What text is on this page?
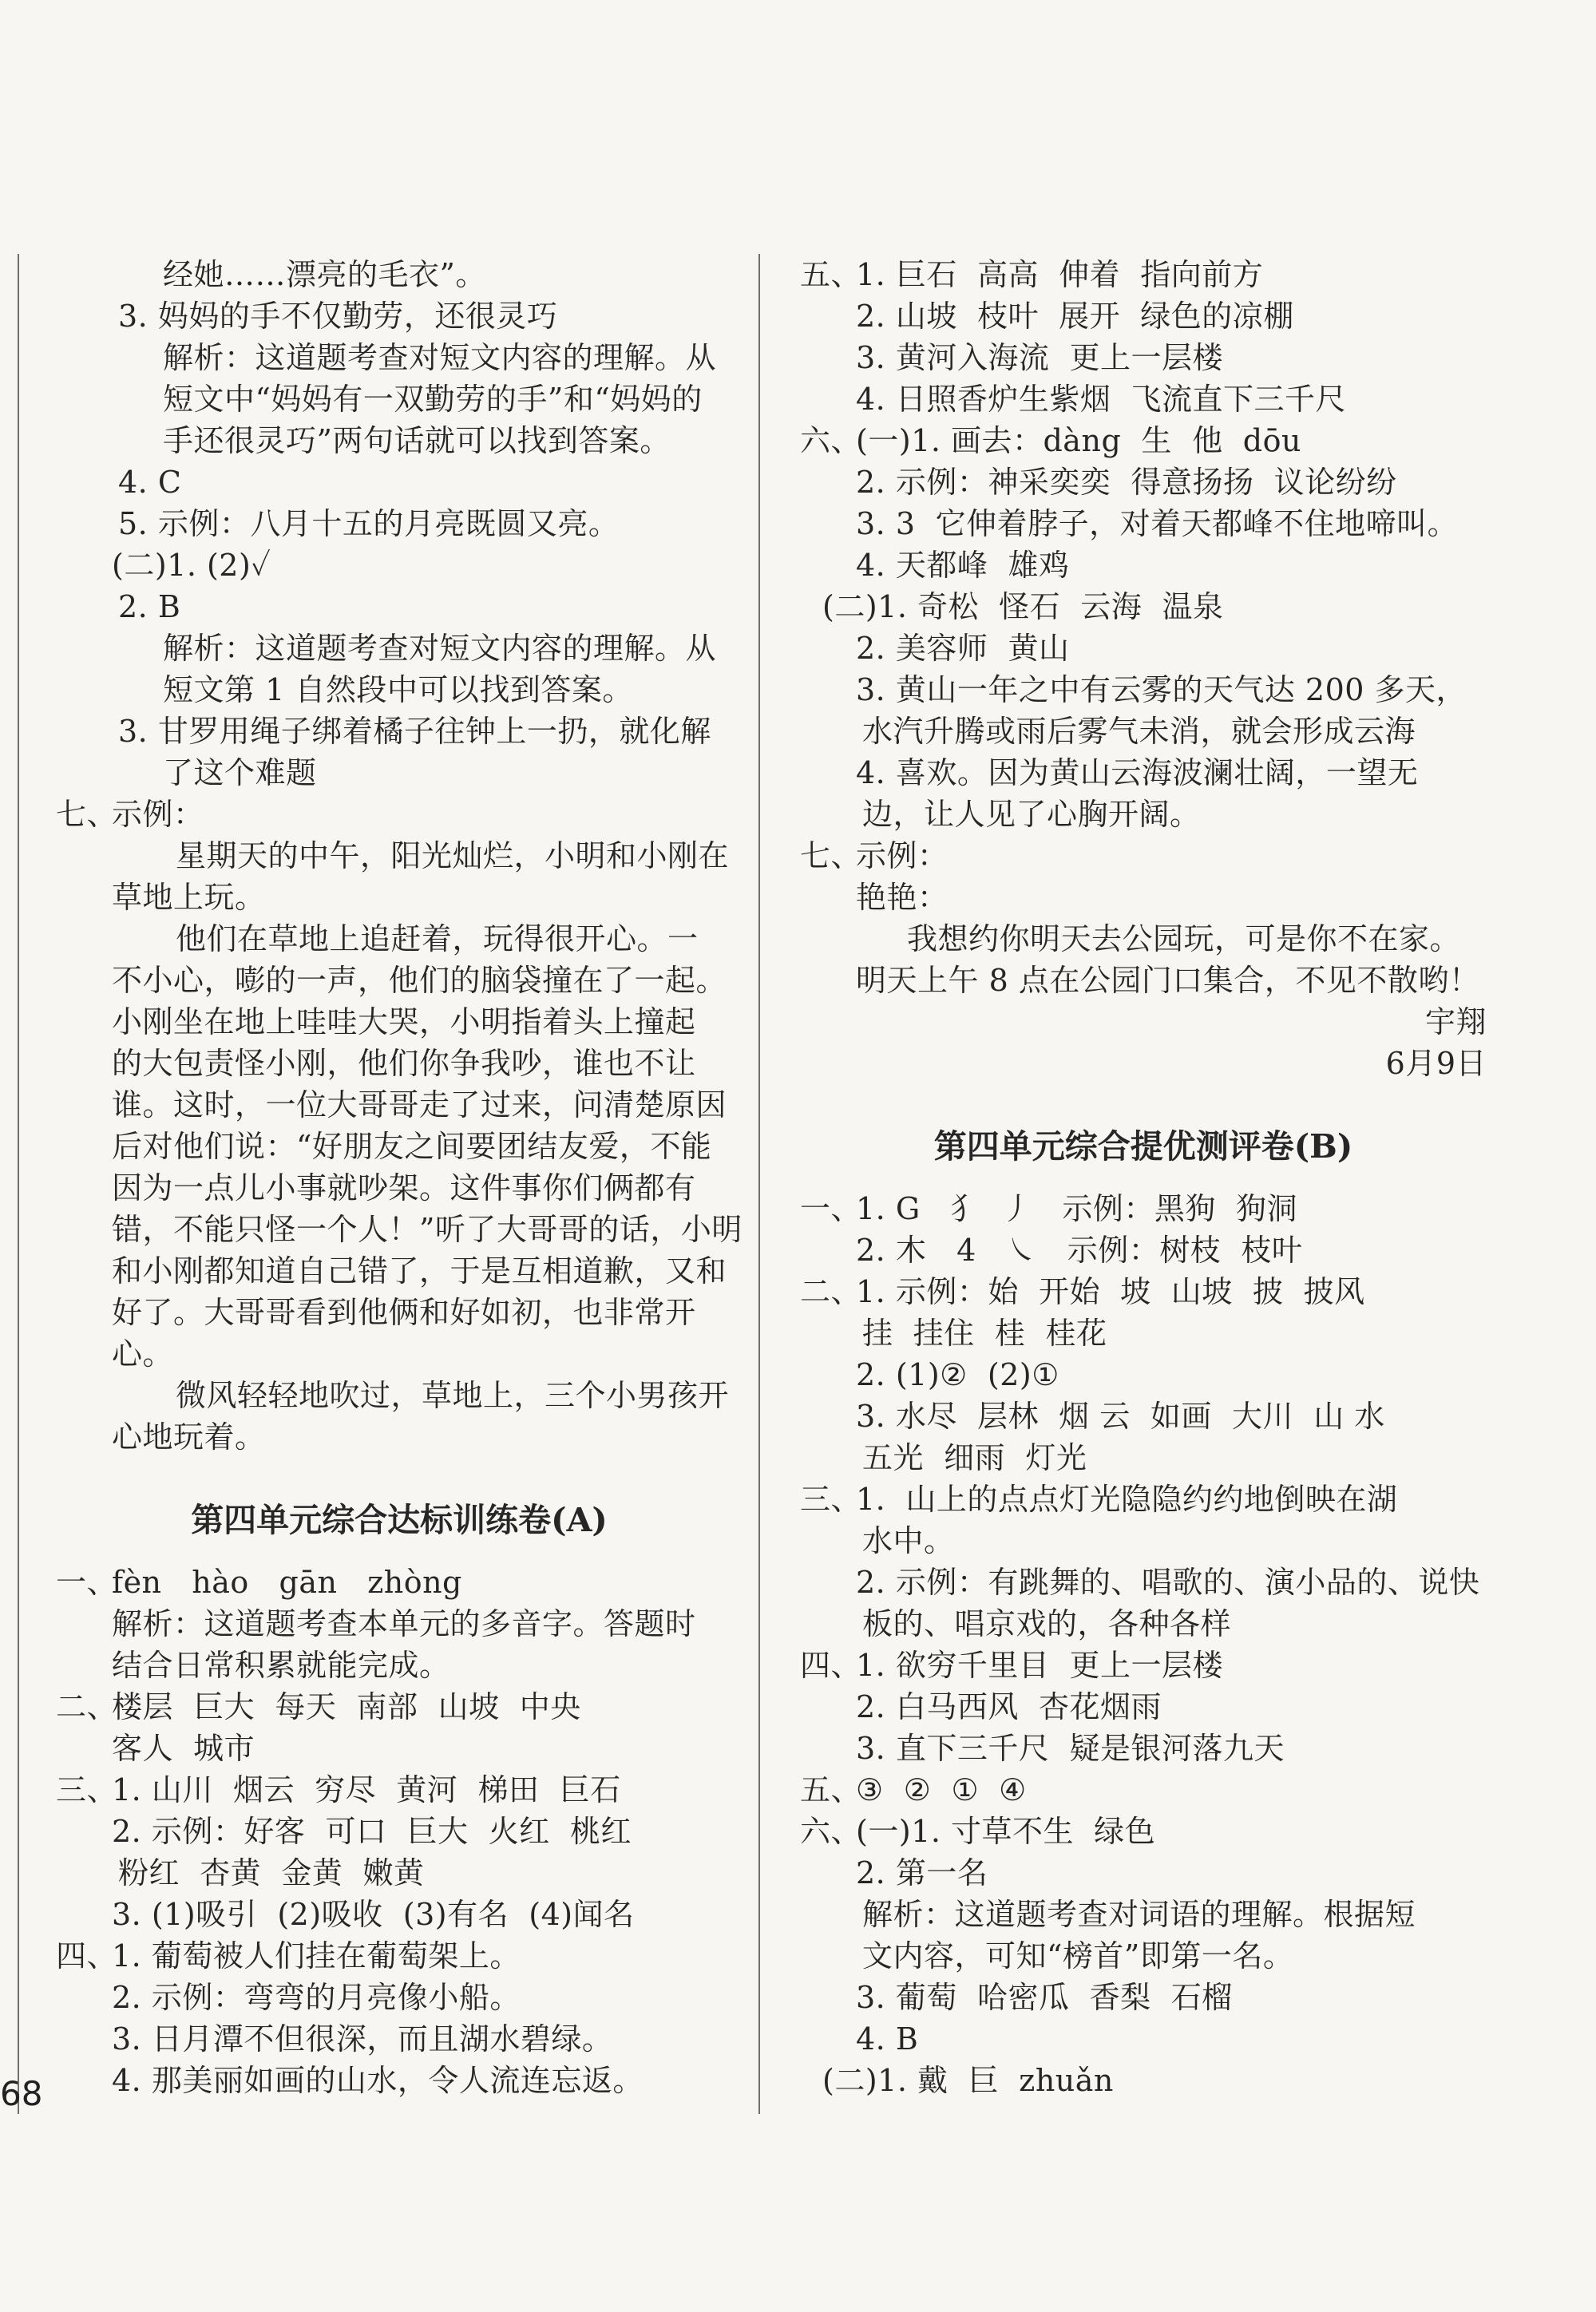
经她……漂亮的毛衣”。
3. 妈妈的手不仅勤劳，还很灵巧
解析：这道题考查对短文内容的理解。从
短文中“妈妈有一双勤劳的手”和“妈妈的
手还很灵巧”两句话就可以找到答案。
4. C
5. 示例：八月十五的月亮既圆又亮。
(二)1. (2)✓
2. B
解析：这道题考查对短文内容的理解。从
短文第 1 自然段中可以找到答案。
3. 甘罗用绳子绑着橘子往钟上一扔，就化解
了这个难题
七、
示例：
星期天的中午，阳光灿烂，小明和小刚在
草地上玩。
他们在草地上追赶着，玩得很开心。一
不小心，嘭的一声，他们的脑袋撞在了一起。
小刚坐在地上哇哇大哭，小明指着头上撞起
的大包责怪小刚，他们你争我吵，谁也不让
谁。这时，一位大哥哥走了过来，问清楚原因
后对他们说：“好朋友之间要团结友爱，不能
因为一点儿小事就吵架。这件事你们俩都有
错，不能只怪一个人！”听了大哥哥的话，小明
和小刚都知道自己错了，于是互相道歉，又和
好了。大哥哥看到他俩和好如初，也非常开
心。
微风轻轻地吹过，草地上，三个小男孩开
心地玩着。
第四单元综合达标训练卷(A)
一、
fèn   hào   gān   zhòng
解析：这道题考查本单元的多音字。答题时
结合日常积累就能完成。
二、
楼层  巨大  每天  南部  山坡  中央
客人  城市
三、
1. 山川  烟云  穷尽  黄河  梯田  巨石
2. 示例：好客  可口  巨大  火红  桃红
粉红  杏黄  金黄  嫩黄
3. (1)吸引  (2)吸收  (3)有名  (4)闻名
四、
1. 葡萄被人们挂在葡萄架上。
2. 示例：弯弯的月亮像小船。
3. 日月潭不但很深，而且湖水碧绿。
4. 那美丽如画的山水，令人流连忘返。
五、
1. 巨石  高高  伸着  指向前方
2. 山坡  枝叶  展开  绿色的凉棚
3. 黄河入海流  更上一层楼
4. 日照香炉生紫烟  飞流直下三千尺
六、
(一)1. 画去：dàng  生  他  dōu
2. 示例：神采奕奕  得意扬扬  议论纷纷
3. 3  它伸着脖子，对着天都峰不住地啼叫。
4. 天都峰  雄鸡
(二)1. 奇松  怪石  云海  温泉
2. 美容师  黄山
3. 黄山一年之中有云雾的天气达 200 多天，
水汽升腾或雨后雾气未消，就会形成云海
4. 喜欢。因为黄山云海波澜壮阔，一望无
边，让人见了心胸开阔。
七、
示例：
艳艳：
我想约你明天去公园玩，可是你不在家。
明天上午 8 点在公园门口集合，不见不散哟！
宇翔
6月9日
第四单元综合提优测评卷(B)
一、
1. G   犭  丿   示例：黑狗  狗洞
2. 木   4   ㇏   示例：树枝  枝叶
二、
1. 示例：始  开始  坡  山坡  披  披风
挂  挂住  桂  桂花
2. (1)②  (2)①
3. 水尽  层林  烟 云  如画  大川  山 水
五光  细雨  灯光
三、
1.  山上的点点灯光隐隐约约地倒映在湖
水中。
2. 示例：有跳舞的、唱歌的、演小品的、说快
板的、唱京戏的，各种各样
四、
1. 欲穷千里目  更上一层楼
2. 白马西风  杏花烟雨
3. 直下三千尺  疑是银河落九天
五、
③  ②  ①  ④
六、
(一)1. 寸草不生  绿色
2. 第一名
解析：这道题考查对词语的理解。根据短
文内容，可知“榜首”即第一名。
3. 葡萄  哈密瓜  香梨  石榴
4. B
(二)1. 戴  巨  zhuǎn
68
